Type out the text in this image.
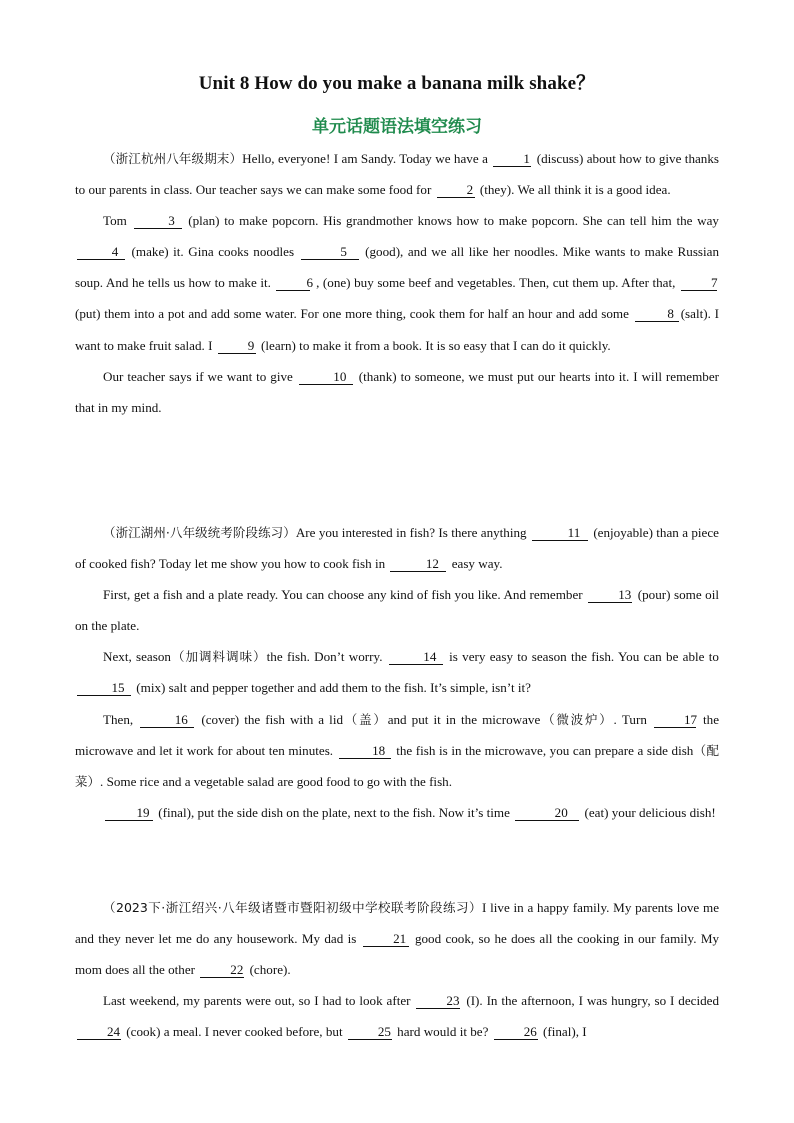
Unit 8 How do you make a banana milk shake？
单元话题语法填空练习

（浙江杭州八年级期末）Hello, everyone! I am Sandy. Today we have a	1 (discuss) about how to give thanks to our parents in class. Our teacher says we can make some food for	2 (they). We all think it is a good idea.

Tom	3 (plan) to make popcorn. His grandmother knows how to make popcorn. She can tell him the way 4 (make) it. Gina cooks noodles	5 (good), and we all like her noodles. Mike wants to make Russian soup. And he tells us how to make it.	6 , (one) buy some beef and vegetables. Then, cut them up. After that,	7 (put) them into a pot and add some water. For one more thing, cook them for half an hour and add some	8 (salt). I want to make fruit salad. I	9 (learn) to make it from a book. It is so easy that I can do it quickly.

Our teacher says if we want to give	10 (thank) to someone, we must put our hearts into it. I will remember that in my mind.

（浙江湖州·八年级统考阶段练习）Are you interested in fish? Is there anything	11 (enjoyable) than a piece of cooked fish? Today let me show you how to cook fish in	12 easy way.

First, get a fish and a plate ready. You can choose any kind of fish you like. And remember	13 (pour) some oil on the plate.

Next, season（加调料调味）the fish. Don’t worry.	14 is very easy to season the fish. You can be able to 15 (mix) salt and pepper together and add them to the fish. It’s simple, isn’t it?

Then,	16 (cover) the fish with a lid（盖）and put it in the microwave（微波炉）. Turn	17 the microwave and let it work for about ten minutes.	18 the fish is in the microwave, you can prepare a side dish（配菜）. Some rice and a vegetable salad are good food to go with the fish.

19 (final), put the side dish on the plate, next to the fish. Now it’s time	20 (eat) your delicious dish!

（2023下·浙江绍兴·八年级诸暨市暨阳初级中学校联考阶段练习）I live in a happy family. My parents love me and they never let me do any housework. My dad is	21 good cook, so he does all the cooking in our family. My mom does all the other	22 (chore).

Last weekend, my parents were out, so I had to look after	23 (I). In the afternoon, I was hungry, so I decided 24 (cook) a meal. I never cooked before, but	25 hard would it be?	26 (final), I
